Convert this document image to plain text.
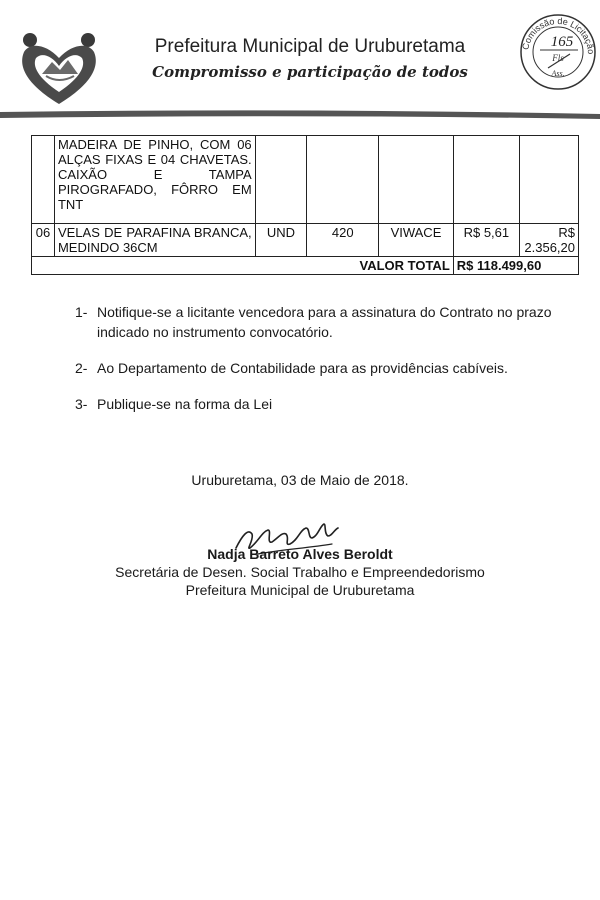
Prefeitura Municipal de Uruburetama
Compromisso e participação de todos
Comissão de Licitação
165
Fls
Ass.
	MADEIRA DE PINHO, COM 06 ALÇAS FIXAS E 04 CHAVETAS. CAIXÃO E TAMPA PIROGRAFADO, FÔRRO EM TNT					
06	VELAS DE PARAFINA BRANCA, MEDINDO 36CM	UND	420	VIWACE	R$ 5,61	R$ 2.356,20
VALOR TOTAL					R$ 118.499,60	
1- Notifique-se a licitante vencedora para a assinatura do Contrato no prazo indicado no instrumento convocatório.
2- Ao Departamento de Contabilidade para as providências cabíveis.
3- Publique-se na forma da Lei
Uruburetama, 03 de Maio de 2018.
Nadja Barreto Alves Beroldt
Secretária de Desen. Social Trabalho e Empreendedorismo
Prefeitura Municipal de Uruburetama
